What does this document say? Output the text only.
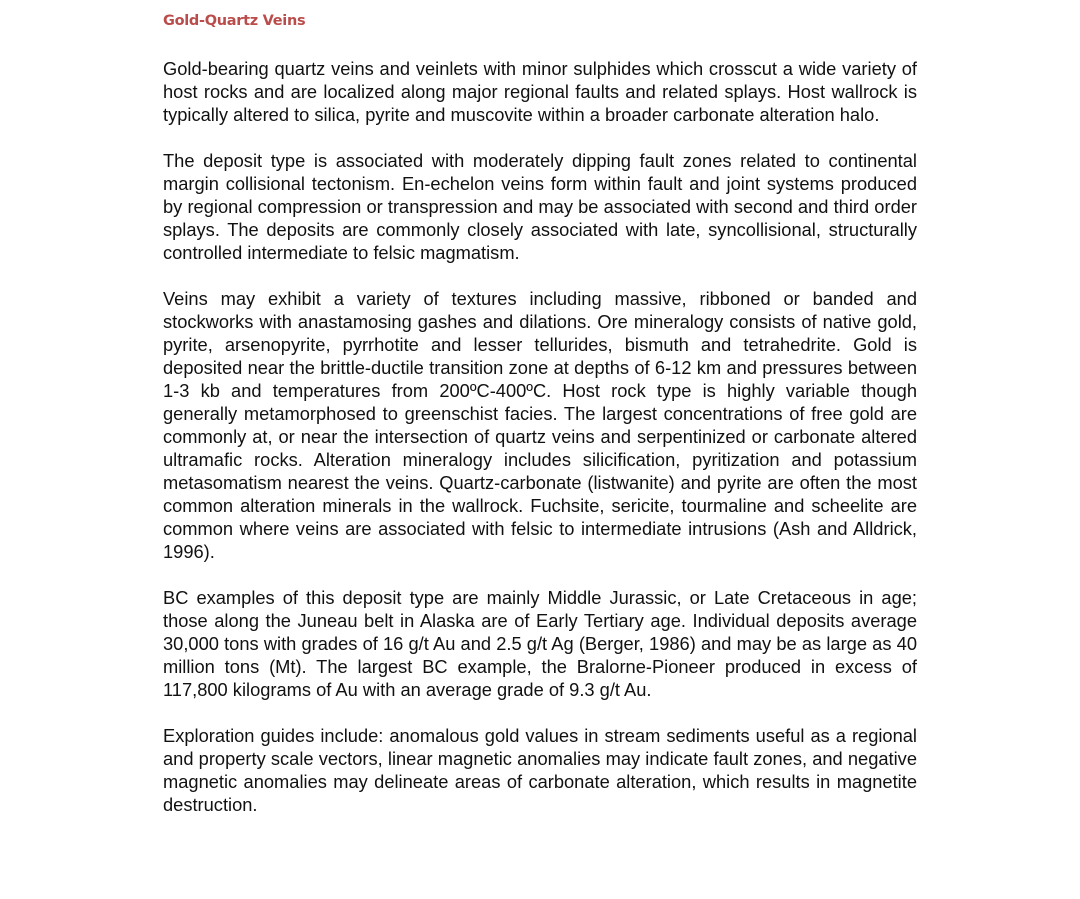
Gold-Quartz Veins

Gold-bearing quartz veins and veinlets with minor sulphides which crosscut a wide variety of host rocks and are localized along major regional faults and related splays. Host wallrock is typically altered to silica, pyrite and muscovite within a broader carbonate alteration halo.

The deposit type is associated with moderately dipping fault zones related to continental margin collisional tectonism. En-echelon veins form within fault and joint systems produced by regional compression or transpression and may be associated with second and third order splays. The deposits are commonly closely associated with late, syncollisional, structurally controlled intermediate to felsic magmatism.

Veins may exhibit a variety of textures including massive, ribboned or banded and stockworks with anastamosing gashes and dilations. Ore mineralogy consists of native gold, pyrite, arsenopyrite, pyrrhotite and lesser tellurides, bismuth and tetrahedrite. Gold is deposited near the brittle-ductile transition zone at depths of 6-12 km and pressures between 1-3 kb and temperatures from 200ºC-400ºC. Host rock type is highly variable though generally metamorphosed to greenschist facies. The largest concentrations of free gold are commonly at, or near the intersection of quartz veins and serpentinized or carbonate altered ultramafic rocks. Alteration mineralogy includes silicification, pyritization and potassium metasomatism nearest the veins. Quartz-carbonate (listwanite) and pyrite are often the most common alteration minerals in the wallrock. Fuchsite, sericite, tourmaline and scheelite are common where veins are associated with felsic to intermediate intrusions (Ash and Alldrick, 1996).

BC examples of this deposit type are mainly Middle Jurassic, or Late Cretaceous in age; those along the Juneau belt in Alaska are of Early Tertiary age. Individual deposits average 30,000 tons with grades of 16 g/t Au and 2.5 g/t Ag (Berger, 1986) and may be as large as 40 million tons (Mt). The largest BC example, the Bralorne-Pioneer produced in excess of 117,800 kilograms of Au with an average grade of 9.3 g/t Au.

Exploration guides include: anomalous gold values in stream sediments useful as a regional and property scale vectors, linear magnetic anomalies may indicate fault zones, and negative magnetic anomalies may delineate areas of carbonate alteration, which results in magnetite destruction.
